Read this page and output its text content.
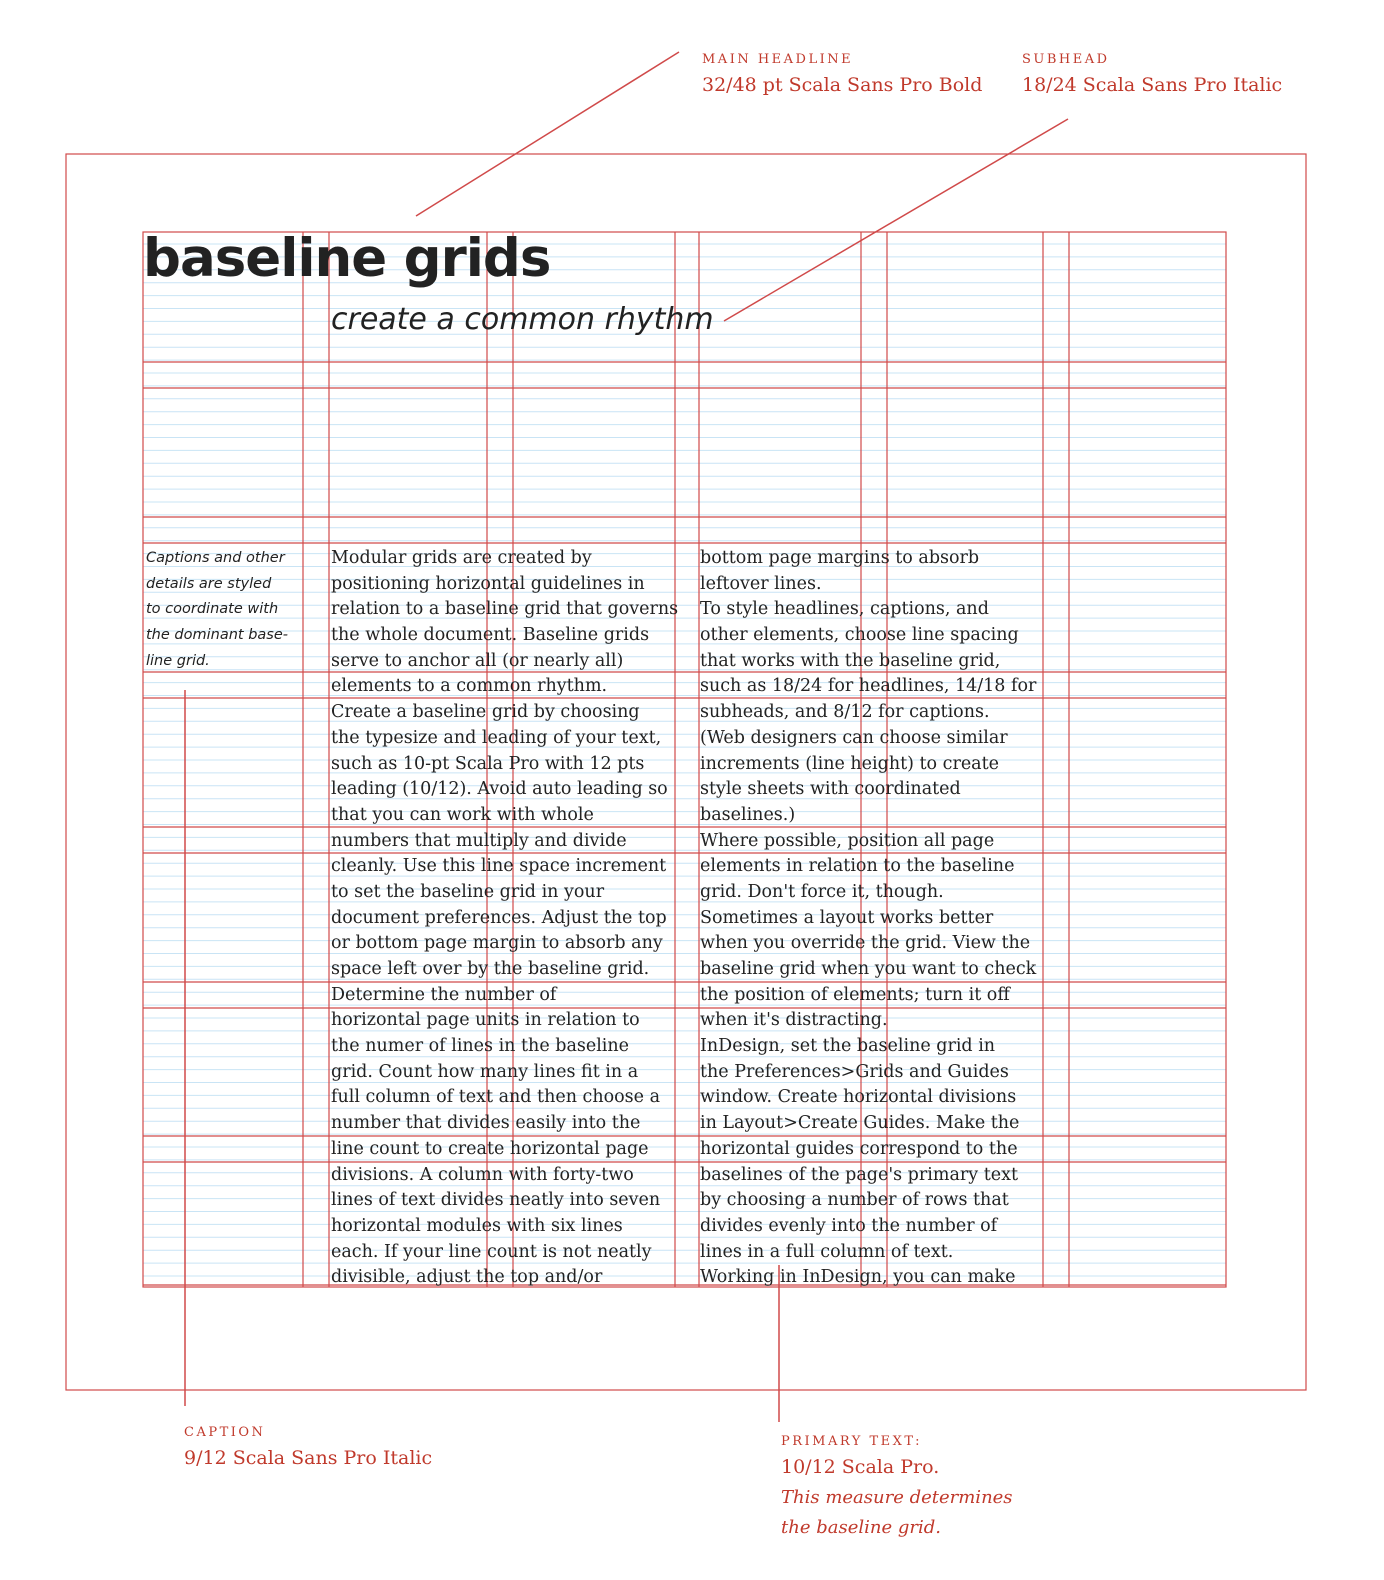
MAIN HEADLINE
32/48 pt Scala Sans Pro Bold
SUBHEAD
18/24 Scala Sans Pro Italic
CAPTION
9/12 Scala Sans Pro Italic
PRIMARY TEXT:
10/12 Scala Pro.
This measure determines
the baseline grid.
baseline grids
create a common rhythm
Captions and other
details are styled
to coordinate with
the dominant base-
line grid.
Modular grids are created by
positioning horizontal guidelines in
relation to a baseline grid that governs
the whole document. Baseline grids
serve to anchor all (or nearly all)
elements to a common rhythm.
Create a baseline grid by choosing
the typesize and leading of your text,
such as 10-pt Scala Pro with 12 pts
leading (10/12). Avoid auto leading so
that you can work with whole
numbers that multiply and divide
cleanly. Use this line space increment
to set the baseline grid in your
document preferences. Adjust the top
or bottom page margin to absorb any
space left over by the baseline grid.
Determine the number of
horizontal page units in relation to
the numer of lines in the baseline
grid. Count how many lines fit in a
full column of text and then choose a
number that divides easily into the
line count to create horizontal page
divisions. A column with forty-two
lines of text divides neatly into seven
horizontal modules with six lines
each. If your line count is not neatly
divisible, adjust the top and/or
bottom page margins to absorb
leftover lines.
To style headlines, captions, and
other elements, choose line spacing
that works with the baseline grid,
such as 18/24 for headlines, 14/18 for
subheads, and 8/12 for captions.
(Web designers can choose similar
increments (line height) to create
style sheets with coordinated
baselines.)
Where possible, position all page
elements in relation to the baseline
grid. Don't force it, though.
Sometimes a layout works better
when you override the grid. View the
baseline grid when you want to check
the position of elements; turn it off
when it's distracting.
InDesign, set the baseline grid in
the Preferences>Grids and Guides
window. Create horizontal divisions
in Layout>Create Guides. Make the
horizontal guides correspond to the
baselines of the page's primary text
by choosing a number of rows that
divides evenly into the number of
lines in a full column of text.
Working in InDesign, you can make
